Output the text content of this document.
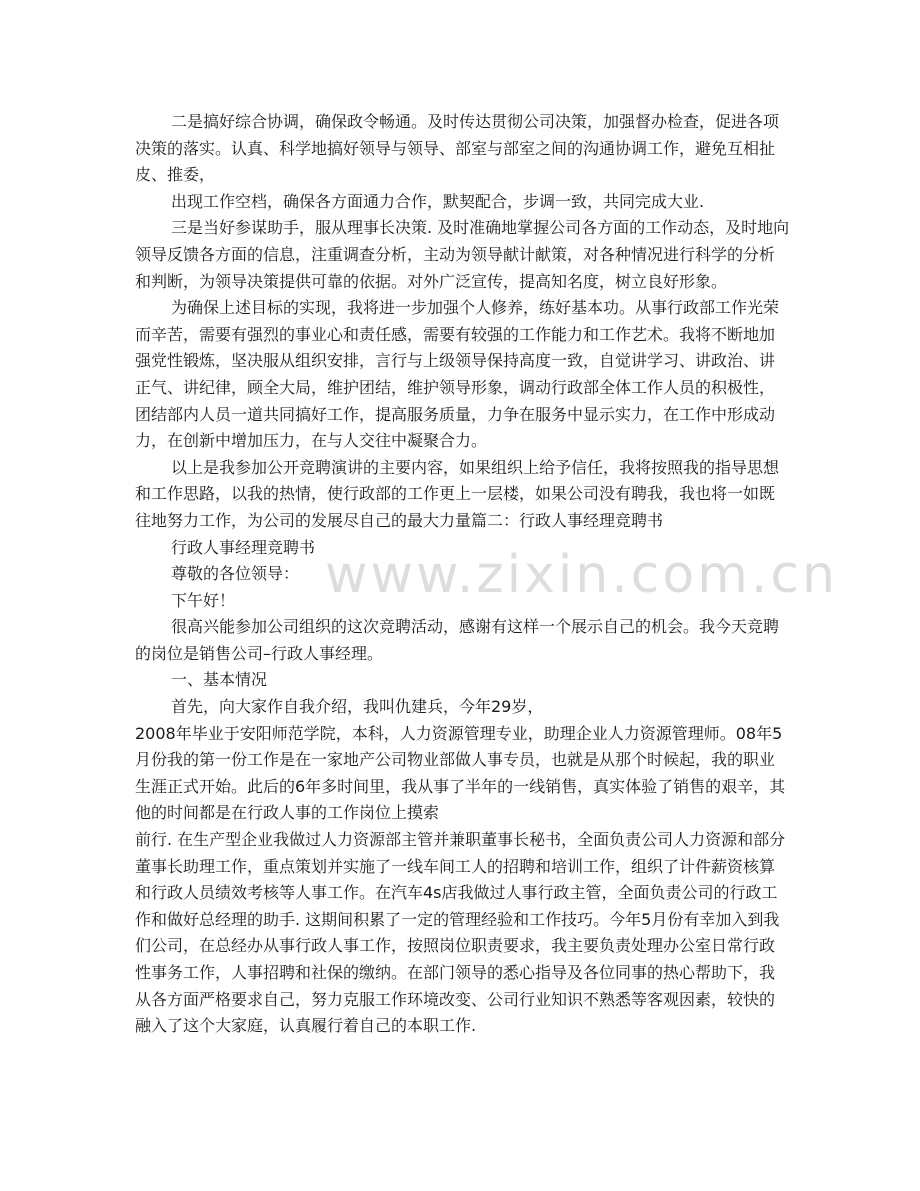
二是搞好综合协调，确保政令畅通。及时传达贯彻公司决策，加强督办检查，促进各项决策的落实。认真、科学地搞好领导与领导、部室与部室之间的沟通协调工作，避免互相扯皮、推委，

出现工作空档，确保各方面通力合作，默契配合，步调一致，共同完成大业.

三是当好参谋助手，服从理事长决策. 及时准确地掌握公司各方面的工作动态，及时地向领导反馈各方面的信息，注重调查分析，主动为领导献计献策，对各种情况进行科学的分析和判断，为领导决策提供可靠的依据。对外广泛宣传，提高知名度，树立良好形象。

为确保上述目标的实现，我将进一步加强个人修养，练好基本功。从事行政部工作光荣而辛苦，需要有强烈的事业心和责任感，需要有较强的工作能力和工作艺术。我将不断地加强党性锻炼，坚决服从组织安排，言行与上级领导保持高度一致，自觉讲学习、讲政治、讲正气、讲纪律，顾全大局，维护团结，维护领导形象，调动行政部全体工作人员的积极性，团结部内人员一道共同搞好工作，提高服务质量，力争在服务中显示实力，在工作中形成动力，在创新中增加压力，在与人交往中凝聚合力。

以上是我参加公开竞聘演讲的主要内容，如果组织上给予信任，我将按照我的指导思想和工作思路，以我的热情，使行政部的工作更上一层楼，如果公司没有聘我，我也将一如既往地努力工作，为公司的发展尽自己的最大力量篇二：行政人事经理竞聘书

行政人事经理竞聘书

尊敬的各位领导：

下午好！

很高兴能参加公司组织的这次竞聘活动，感谢有这样一个展示自己的机会。我今天竞聘的岗位是销售公司–行政人事经理。

一、基本情况

首先，向大家作自我介绍，我叫仇建兵，今年29岁，

2008年毕业于安阳师范学院，本科，人力资源管理专业，助理企业人力资源管理师。08年5月份我的第一份工作是在一家地产公司物业部做人事专员，也就是从那个时候起，我的职业生涯正式开始。此后的6年多时间里，我从事了半年的一线销售，真实体验了销售的艰辛，其他的时间都是在行政人事的工作岗位上摸索

前行. 在生产型企业我做过人力资源部主管并兼职董事长秘书，全面负责公司人力资源和部分董事长助理工作，重点策划并实施了一线车间工人的招聘和培训工作，组织了计件薪资核算和行政人员绩效考核等人事工作。在汽车4s店我做过人事行政主管，全面负责公司的行政工作和做好总经理的助手. 这期间积累了一定的管理经验和工作技巧。今年5月份有幸加入到我们公司，在总经办从事行政人事工作，按照岗位职责要求，我主要负责处理办公室日常行政性事务工作，人事招聘和社保的缴纳。在部门领导的悉心指导及各位同事的热心帮助下，我从各方面严格要求自己，努力克服工作环境改变、公司行业知识不熟悉等客观因素，较快的融入了这个大家庭，认真履行着自己的本职工作.

www.zixin.com.cn
